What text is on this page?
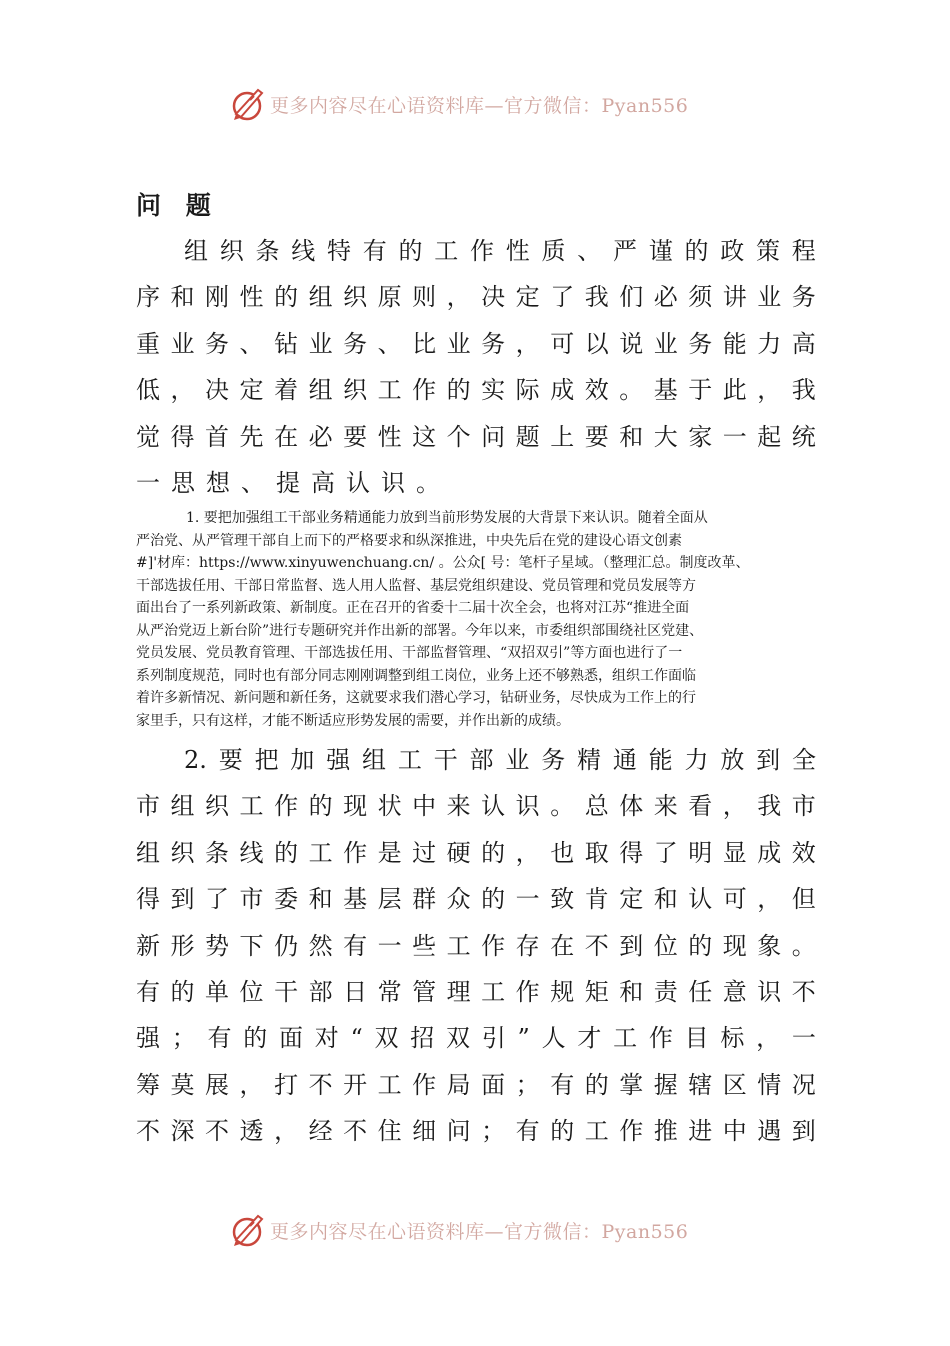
更多内容尽在心语资料库—官方微信：Pyan556
问 题
组 织 条 线 特 有 的 工 作 性 质 、 严 谨 的 政 策 程
序 和 刚 性 的 组 织 原 则 ， 决 定 了 我 们 必 须 讲 业 务
重 业 务 、 钻 业 务 、 比 业 务 ， 可 以 说 业 务 能 力 高
低 ， 决 定 着 组 织 工 作 的 实 际 成 效 。 基 于 此 ， 我
觉 得 首 先 在 必 要 性 这 个 问 题 上 要 和 大 家 一 起 统
一 思 想 、 提 高 认 识 。
1. 要把加强组工干部业务精通能力放到当前形势发展的大背景下来认识。随着全面从
严治党、从严管理干部自上而下的严格要求和纵深推进，中央先后在党的建设心语文创素
#]'材库：https://www.xinyuwenchuang.cn/ 。公众[ 号：笔杆子星域。（整理汇总。制度改革、
干部选拔任用、干部日常监督、选人用人监督、基层党组织建设、党员管理和党员发展等方
面出台了一系列新政策、新制度。正在召开的省委十二届十次全会，也将对江苏“推进全面
从严治党迈上新台阶”进行专题研究并作出新的部署。今年以来，市委组织部围绕社区党建、
党员发展、党员教育管理、干部选拔任用、干部监督管理、“双招双引”等方面也进行了一
系列制度规范，同时也有部分同志刚刚调整到组工岗位，业务上还不够熟悉，组织工作面临
着许多新情况、新问题和新任务，这就要求我们潜心学习，钻研业务，尽快成为工作上的行
家里手，只有这样，才能不断适应形势发展的需要，并作出新的成绩。
2. 要 把 加 强 组 工 干 部 业 务 精 通 能 力 放 到 全
市 组 织 工 作 的 现 状 中 来 认 识 。 总 体 来 看 ， 我 市
组 织 条 线 的 工 作 是 过 硬 的 ， 也 取 得 了 明 显 成 效
得 到 了 市 委 和 基 层 群 众 的 一 致 肯 定 和 认 可 ， 但
新 形 势 下 仍 然 有 一 些 工 作 存 在 不 到 位 的 现 象 。
有 的 单 位 干 部 日 常 管 理 工 作 规 矩 和 责 任 意 识 不
强 ； 有 的 面 对 “ 双 招 双 引 ” 人 才 工 作 目 标 ， 一
筹 莫 展 ， 打 不 开 工 作 局 面 ； 有 的 掌 握 辖 区 情 况
不 深 不 透 ， 经 不 住 细 问 ； 有 的 工 作 推 进 中 遇 到
更多内容尽在心语资料库—官方微信：Pyan556
